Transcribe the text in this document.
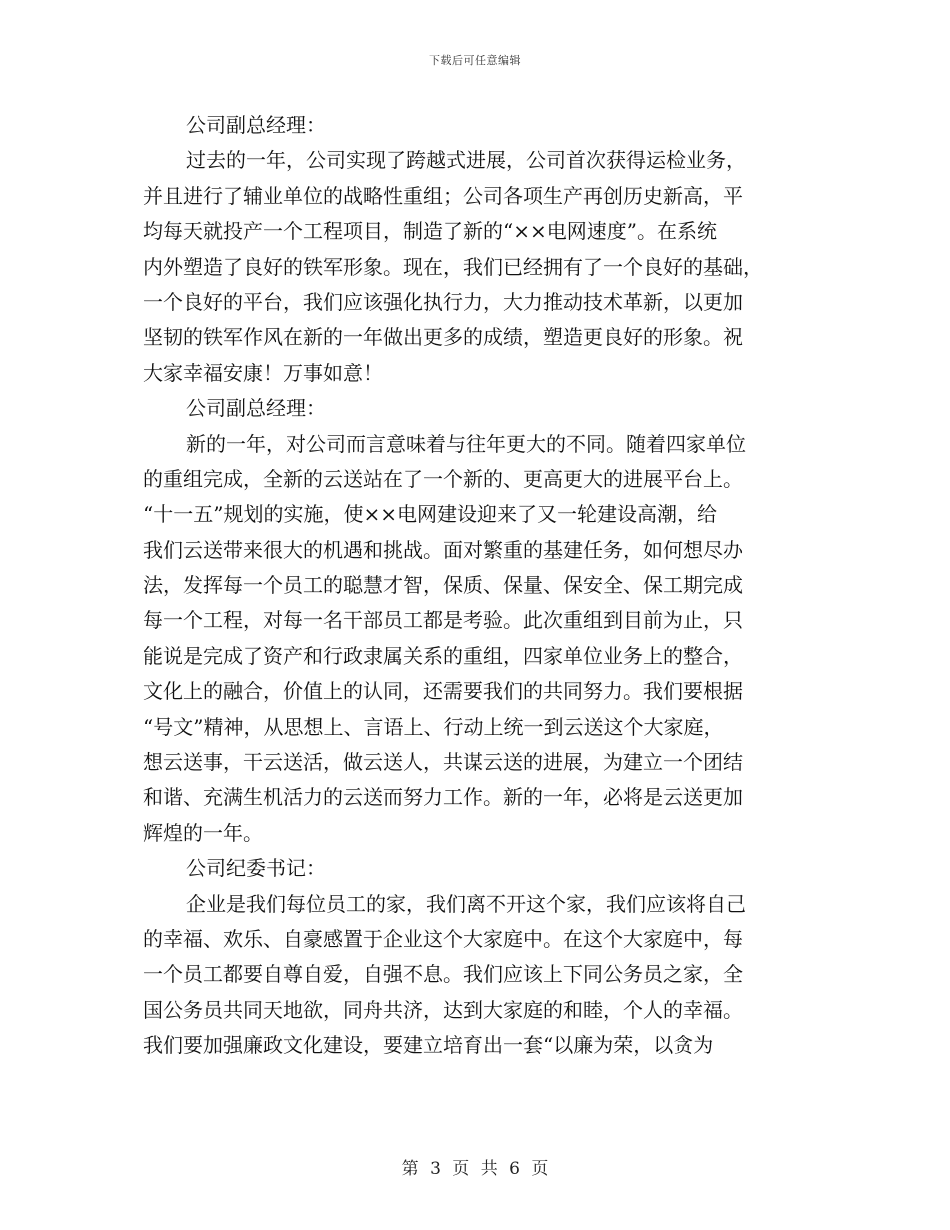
下载后可任意编辑
公司副总经理：
过去的一年，公司实现了跨越式进展，公司首次获得运检业务，
并且进行了辅业单位的战略性重组；公司各项生产再创历史新高，平
均每天就投产一个工程项目，制造了新的“××电网速度”。在系统
内外塑造了良好的铁军形象。现在，我们已经拥有了一个良好的基础，
一个良好的平台，我们应该强化执行力，大力推动技术革新，以更加
坚韧的铁军作风在新的一年做出更多的成绩，塑造更良好的形象。祝
大家幸福安康！万事如意！
公司副总经理：
新的一年，对公司而言意味着与往年更大的不同。随着四家单位
的重组完成，全新的云送站在了一个新的、更高更大的进展平台上。
“十一五”规划的实施，使××电网建设迎来了又一轮建设高潮，给
我们云送带来很大的机遇和挑战。面对繁重的基建任务，如何想尽办
法，发挥每一个员工的聪慧才智，保质、保量、保安全、保工期完成
每一个工程，对每一名干部员工都是考验。此次重组到目前为止，只
能说是完成了资产和行政隶属关系的重组，四家单位业务上的整合，
文化上的融合，价值上的认同，还需要我们的共同努力。我们要根据
“号文”精神，从思想上、言语上、行动上统一到云送这个大家庭，
想云送事，干云送活，做云送人，共谋云送的进展，为建立一个团结
和谐、充满生机活力的云送而努力工作。新的一年，必将是云送更加
辉煌的一年。
公司纪委书记：
企业是我们每位员工的家，我们离不开这个家，我们应该将自己
的幸福、欢乐、自豪感置于企业这个大家庭中。在这个大家庭中，每
一个员工都要自尊自爱，自强不息。我们应该上下同公务员之家，全
国公务员共同天地欲，同舟共济，达到大家庭的和睦，个人的幸福。
我们要加强廉政文化建设，要建立培育出一套“以廉为荣，以贪为
第 3 页 共 6 页
